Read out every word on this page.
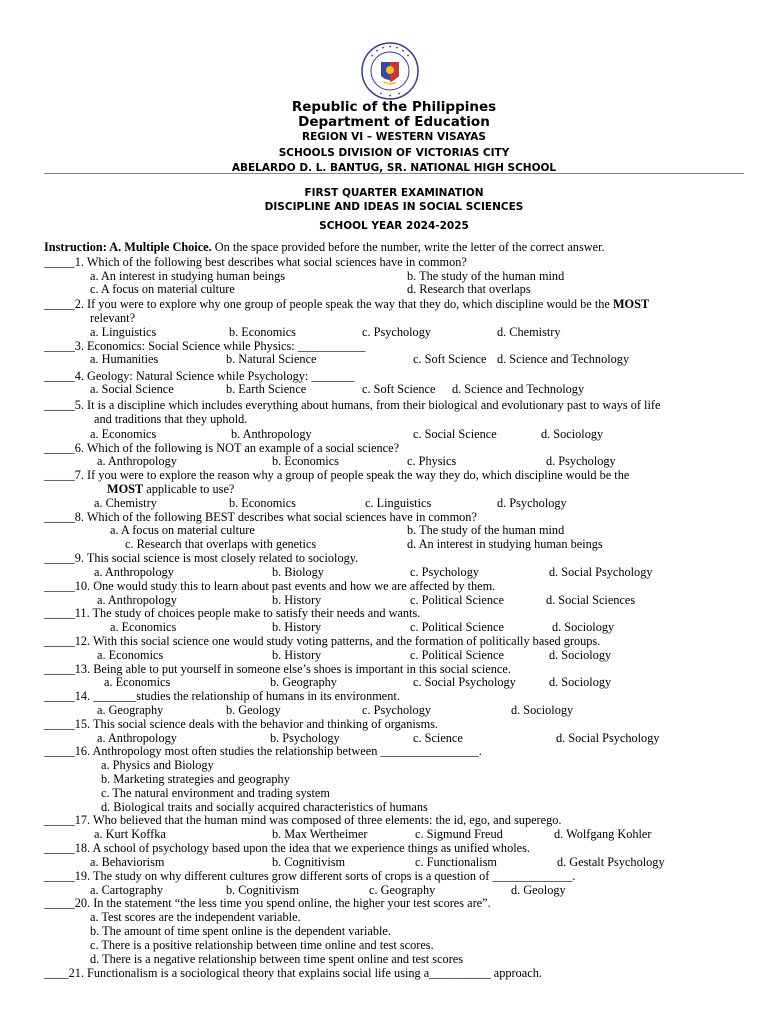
Republic of the Philippines
Department of Education
REGION VI – WESTERN VISAYAS
SCHOOLS DIVISION OF VICTORIAS CITY
ABELARDO D. L. BANTUG, SR. NATIONAL HIGH SCHOOL
FIRST QUARTER EXAMINATION
DISCIPLINE AND IDEAS IN SOCIAL SCIENCES
SCHOOL YEAR 2024-2025
Instruction: A. Multiple Choice. On the space provided before the number, write the letter of the correct answer.
_____1. Which of the following best describes what social sciences have in common?
a. An interest in studying human beings	b. The study of the human mind
c. A focus on material culture	d. Research that overlaps
_____2. If you were to explore why one group of people speak the way that they do, which discipline would be the MOST
relevant?
a. Linguistics	b. Economics	c. Psychology	d. Chemistry
_____3. Economics: Social Science while Physics: ___________
a. Humanities	b. Natural Science	c. Soft Science d. Science and Technology
_____4. Geology: Natural Science while Psychology: _______
a. Social Science	b. Earth Science	c. Soft Science d. Science and Technology
_____5. It is a discipline which includes everything about humans, from their biological and evolutionary past to ways of life
and traditions that they uphold.
a. Economics	b. Anthropology	c. Social Science	d. Sociology
_____6. Which of the following is NOT an example of a social science?
a. Anthropology	b. Economics	c. Physics	d. Psychology
_____7. If you were to explore the reason why a group of people speak the way they do, which discipline would be the
MOST applicable to use?
a. Chemistry	b. Economics	c. Linguistics	d. Psychology
_____8. Which of the following BEST describes what social sciences have in common?
a. A focus on material culture	b. The study of the human mind
c. Research that overlaps with genetics	d. An interest in studying human beings
_____9. This social science is most closely related to sociology.
a. Anthropology	b. Biology	c. Psychology	d. Social Psychology
_____10. One would study this to learn about past events and how we are affected by them.
a. Anthropology	b. History	c. Political Science	d. Social Sciences
_____11. The study of choices people make to satisfy their needs and wants.
a. Economics	b. History	c. Political Science	d. Sociology
_____12. With this social science one would study voting patterns, and the formation of politically based groups.
a. Economics	b. History	c. Political Science	d. Sociology
_____13. Being able to put yourself in someone else’s shoes is important in this social science.
a. Economics	b. Geography	c. Social Psychology	d. Sociology
_____14. _______studies the relationship of humans in its environment.
a. Geography	b. Geology	c. Psychology	d. Sociology
_____15. This social science deals with the behavior and thinking of organisms.
a. Anthropology	b. Psychology	c. Science	d. Social Psychology
_____16. Anthropology most often studies the relationship between ________________.
a. Physics and Biology
b. Marketing strategies and geography
c. The natural environment and trading system
d. Biological traits and socially acquired characteristics of humans
_____17. Who believed that the human mind was composed of three elements: the id, ego, and superego.
a. Kurt Koffka	b. Max Wertheimer	c. Sigmund Freud	d. Wolfgang Kohler
_____18. A school of psychology based upon the idea that we experience things as unified wholes.
a. Behaviorism	b. Cognitivism	c. Functionalism	d. Gestalt Psychology
_____19. The study on why different cultures grow different sorts of crops is a question of _____________.
a. Cartography	b. Cognitivism	c. Geography	d. Geology
_____20. In the statement “the less time you spend online, the higher your test scores are”.
a. Test scores are the independent variable.
b. The amount of time spent online is the dependent variable.
c. There is a positive relationship between time online and test scores.
d. There is a negative relationship between time spent online and test scores
____21. Functionalism is a sociological theory that explains social life using a__________ approach.
